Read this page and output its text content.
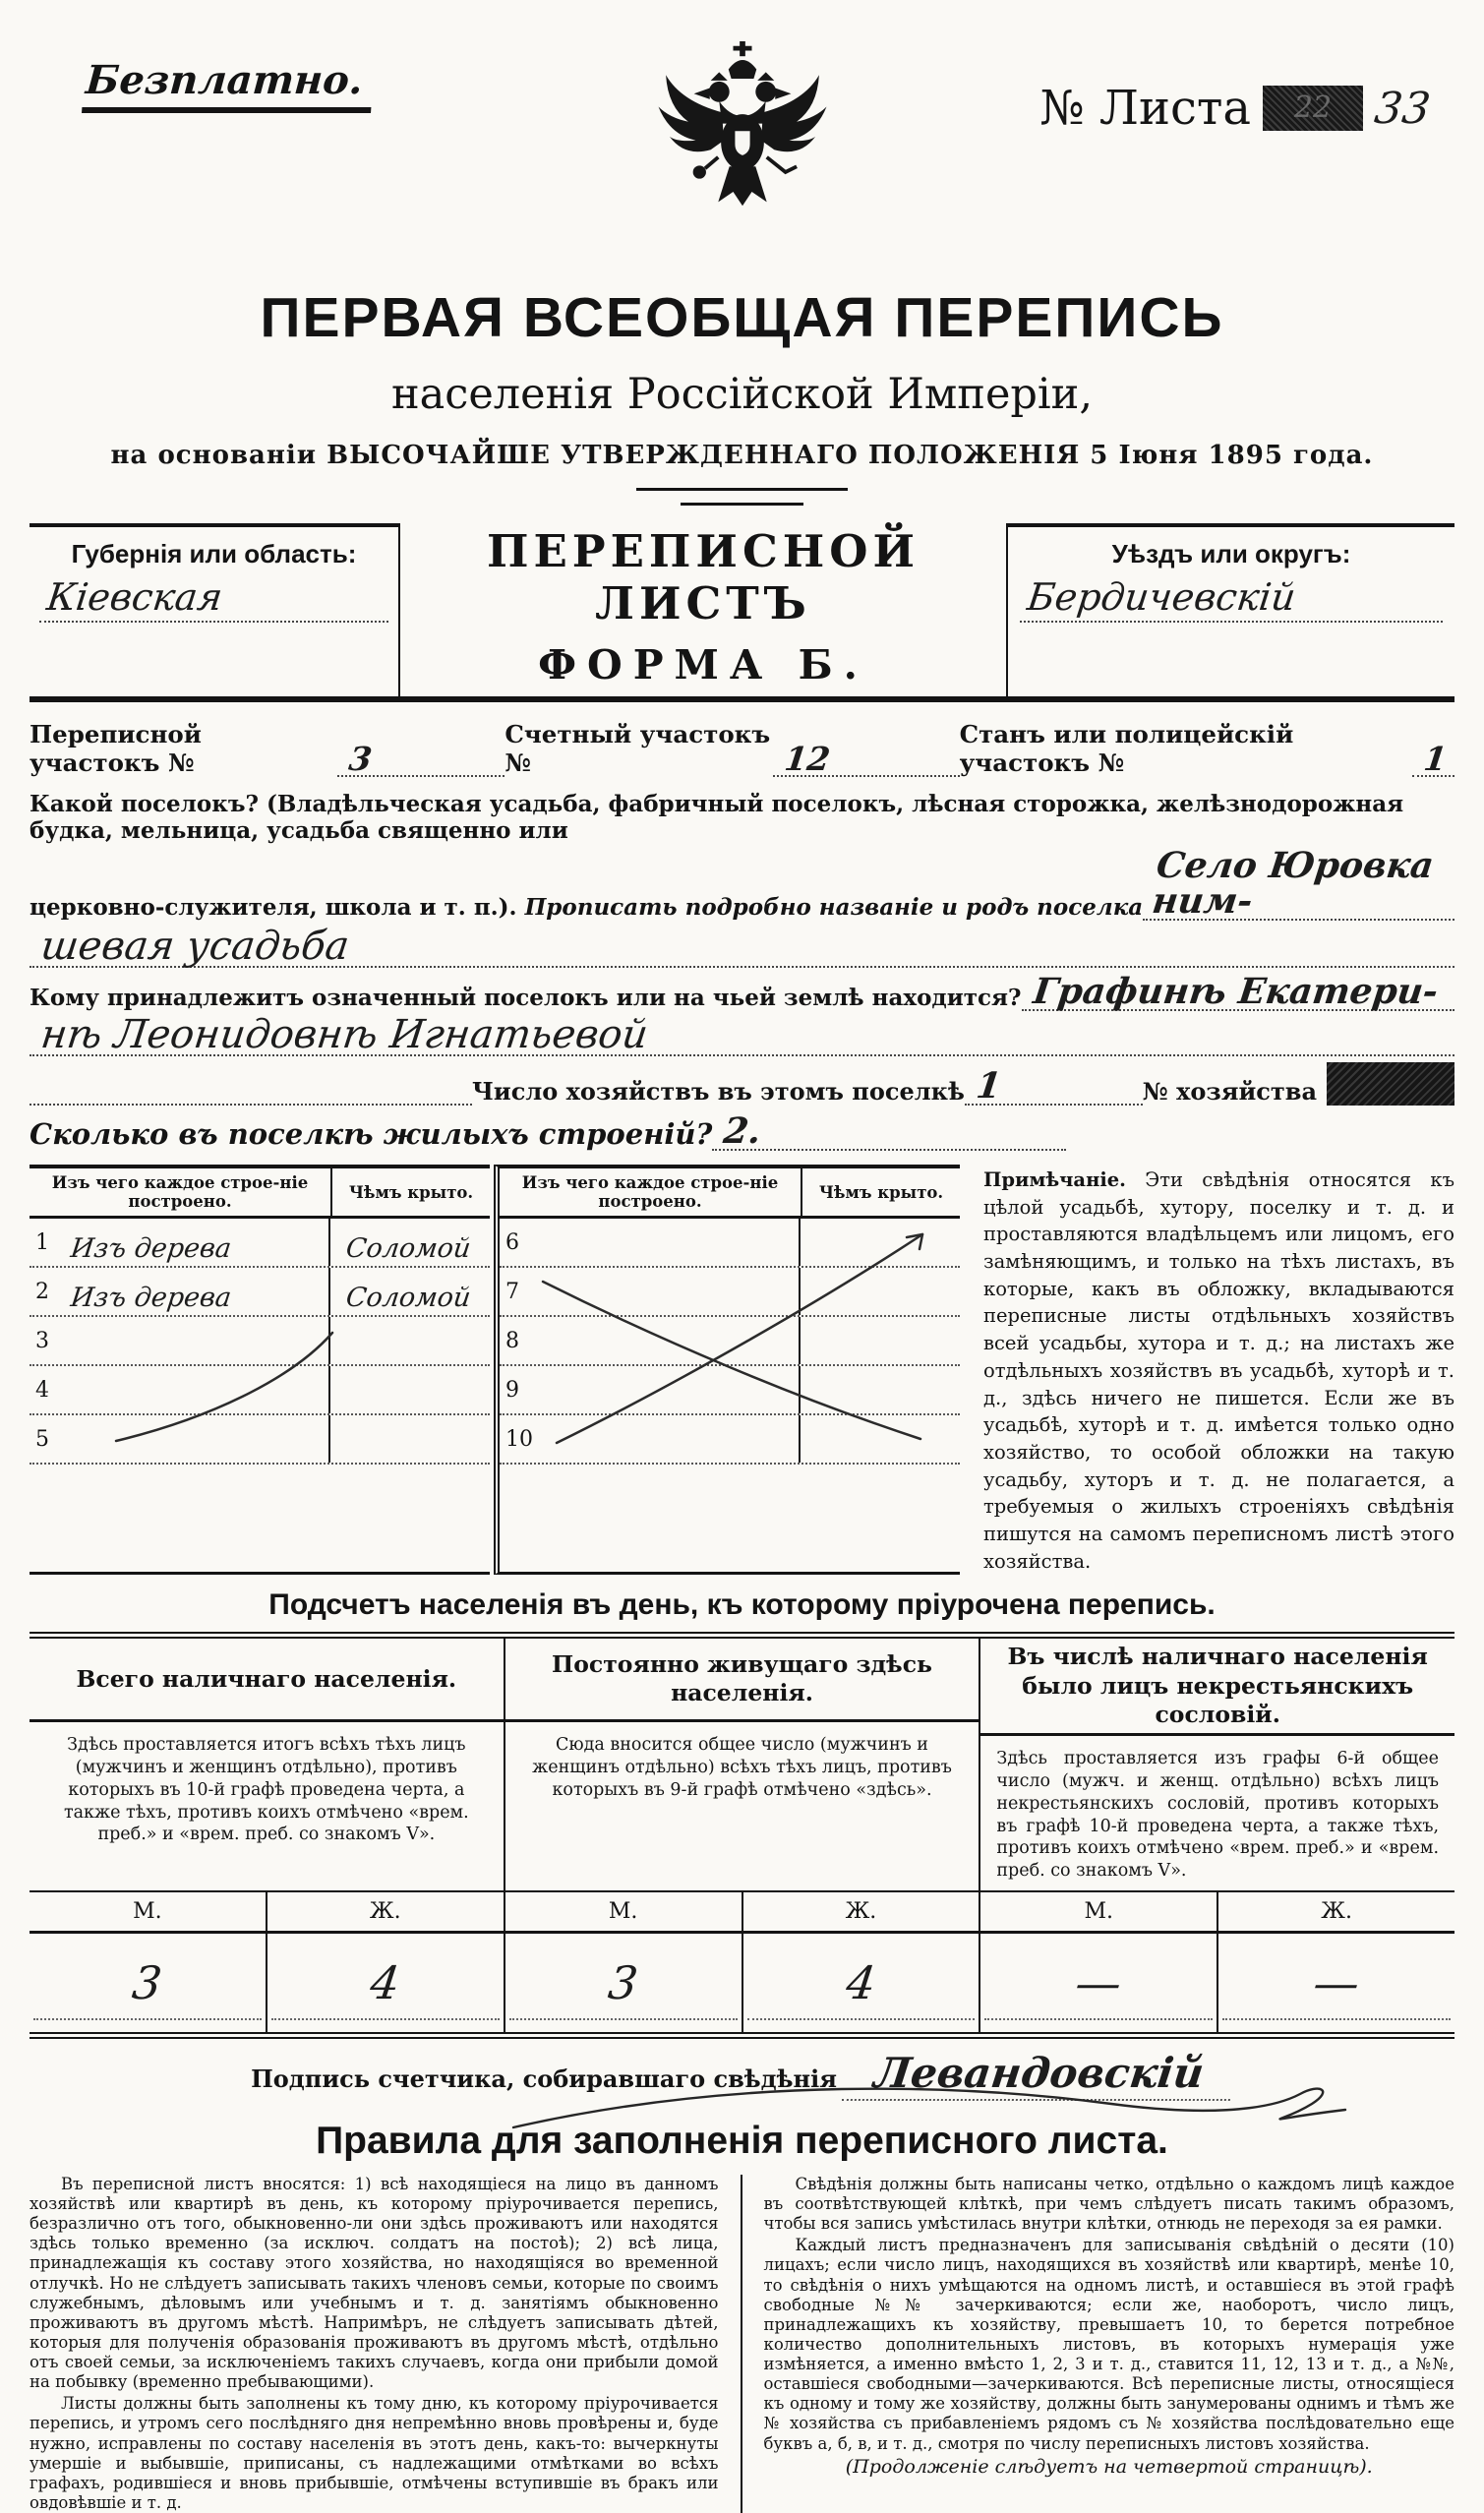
Безплатно.
№ Листа	22 33
ПЕРВАЯ ВСЕОБЩАЯ ПЕРЕПИСЬ
населенія Россійской Имперіи,
на основаніи ВЫСОЧАЙШЕ УТВЕРЖДЕННАГО ПОЛОЖЕНІЯ 5 Іюня 1895 года.
Губернія или область:
Кіевская
ПЕРЕПИСНОЙ ЛИСТЪ
ФОРМА Б.
Уѣздъ или округъ:
Бердичевскій
Переписной участокъ №	3
Счетный участокъ №	12
Станъ или полицейскій участокъ №	1
Какой поселокъ? (Владѣльческая усадьба, фабричный поселокъ, лѣсная сторожка, желѣзнодорожная будка, мельница, усадьба священно или
церковно-служителя, школа и т. п.).
Прописать подробно названіе и родъ поселка
Село Юровка ним-
шевая усадьба
Кому принадлежитъ означенный поселокъ или на чьей землѣ находится? Графинѣ Екатери-
нѣ Леонидовнѣ Игнатьевой
Число хозяйствъ въ этомъ поселкѣ 1	№ хозяйства
Сколько въ поселкѣ жилыхъ строеній? 2.
Изъ чего каждое строе-ніе построено.	Чѣмъ крыто.
1 Изъ дерева	Соломой
2 Изъ дерева	Соломой
3
4
5
Изъ чего каждое строе-ніе построено.	Чѣмъ крыто.
6
7
8
9
10

Примѣчаніе. Эти свѣдѣнія относятся къ цѣлой усадьбѣ, хутору, поселку и т. д. и проставляются владѣльцемъ или лицомъ, его замѣняющимъ, и только на тѣхъ листахъ, въ которые, какъ въ обложку, вкладываются переписные листы отдѣльныхъ хозяйствъ всей усадьбы, хутора и т. д.; на листахъ же отдѣльныхъ хозяйствъ въ усадьбѣ, хуторѣ и т. д., здѣсь ничего не пишется. Если же въ усадьбѣ, хуторѣ и т. д. имѣется только одно хозяйство, то особой обложки на такую усадьбу, хуторъ и т. д. не полагается, а требуемыя о жилыхъ строеніяхъ свѣдѣнія пишутся на самомъ переписномъ листѣ этого хозяйства.

Подсчетъ населенія въ день, къ которому пріурочена перепись.
Всего наличнаго населенія.
Здѣсь проставляется итогъ всѣхъ тѣхъ лицъ (мужчинъ и женщинъ отдѣльно), противъ которыхъ въ 10-й графѣ проведена черта, а также тѣхъ, противъ коихъ отмѣчено «врем. преб.» и «врем. преб. со знакомъ V».
М.	Ж.
3	4
Постоянно живущаго здѣсь населенія.
Сюда вносится общее число (мужчинъ и женщинъ отдѣльно) всѣхъ тѣхъ лицъ, противъ которыхъ въ 9-й графѣ отмѣчено «здѣсь».
М.	Ж.
3	4
Въ числѣ наличнаго населенія было лицъ некрестьянскихъ сословій.
Здѣсь проставляется изъ графы 6-й общее число (мужч. и женщ. отдѣльно) всѣхъ лицъ некрестьянскихъ сословій, противъ которыхъ въ графѣ 10-й проведена черта, а также тѣхъ, противъ коихъ отмѣчено «врем. преб.» и «врем. преб. со знакомъ V».
М.	Ж.
—	—
Подпись счетчика, собиравшаго свѣдѣнія Левандовскій
Правила для заполненія переписного листа.

Въ переписной листъ вносятся: 1) всѣ находящіеся на лицо въ данномъ хозяйствѣ или квартирѣ въ день, къ которому пріурочивается перепись, безразлично отъ того, обыкновенно-ли они здѣсь проживаютъ или находятся здѣсь только временно (за исключ. солдатъ на постоѣ); 2) всѣ лица, принадлежащія къ составу этого хозяйства, но находящіяся во временной отлучкѣ. Но не слѣдуетъ записывать такихъ членовъ семьи, которые по своимъ служебнымъ, дѣловымъ или учебнымъ и т. д. занятіямъ обыкновенно проживаютъ въ другомъ мѣстѣ. Напримѣръ, не слѣдуетъ записывать дѣтей, которыя для полученія образованія проживаютъ въ другомъ мѣстѣ, отдѣльно отъ своей семьи, за исключеніемъ такихъ случаевъ, когда они прибыли домой на побывку (временно пребывающими).

Листы должны быть заполнены къ тому дню, къ которому пріурочивается перепись, и утромъ сего послѣдняго дня непремѣнно вновь провѣрены и, буде нужно, исправлены по составу населенія въ этотъ день, какъ-то: вычеркнуты умершіе и выбывшіе, приписаны, съ надлежащими отмѣтками во всѣхъ графахъ, родившіеся и вновь прибывшіе, отмѣчены вступившіе въ бракъ или овдовѣвшіе и т. д.

Свѣдѣнія должны быть написаны четко, отдѣльно о каждомъ лицѣ каждое въ соотвѣтствующей клѣткѣ, при чемъ слѣдуетъ писать такимъ образомъ, чтобы вся запись умѣстилась внутри клѣтки, отнюдь не переходя за ея рамки.

Каждый листъ предназначенъ для записыванія свѣдѣній о десяти (10) лицахъ; если число лицъ, находящихся въ хозяйствѣ или квартирѣ, менѣе 10, то свѣдѣнія о нихъ умѣщаются на одномъ листѣ, и оставшіеся въ этой графѣ свободные №№ зачеркиваются; если же, наоборотъ, число лицъ, принадлежащихъ къ хозяйству, превышаетъ 10, то берется потребное количество дополнительныхъ листовъ, въ которыхъ нумерація уже измѣняется, а именно вмѣсто 1, 2, 3 и т. д., ставится 11, 12, 13 и т. д., а №№, оставшіеся свободными—зачеркиваются. Всѣ переписные листы, относящіеся къ одному и тому же хозяйству, должны быть занумерованы однимъ и тѣмъ же № хозяйства съ прибавленіемъ рядомъ съ № хозяйства послѣдовательно еще буквъ а, б, в, и т. д., смотря по числу переписныхъ листовъ хозяйства.

(Продолженіе слѣдуетъ на четвертой страницѣ).
